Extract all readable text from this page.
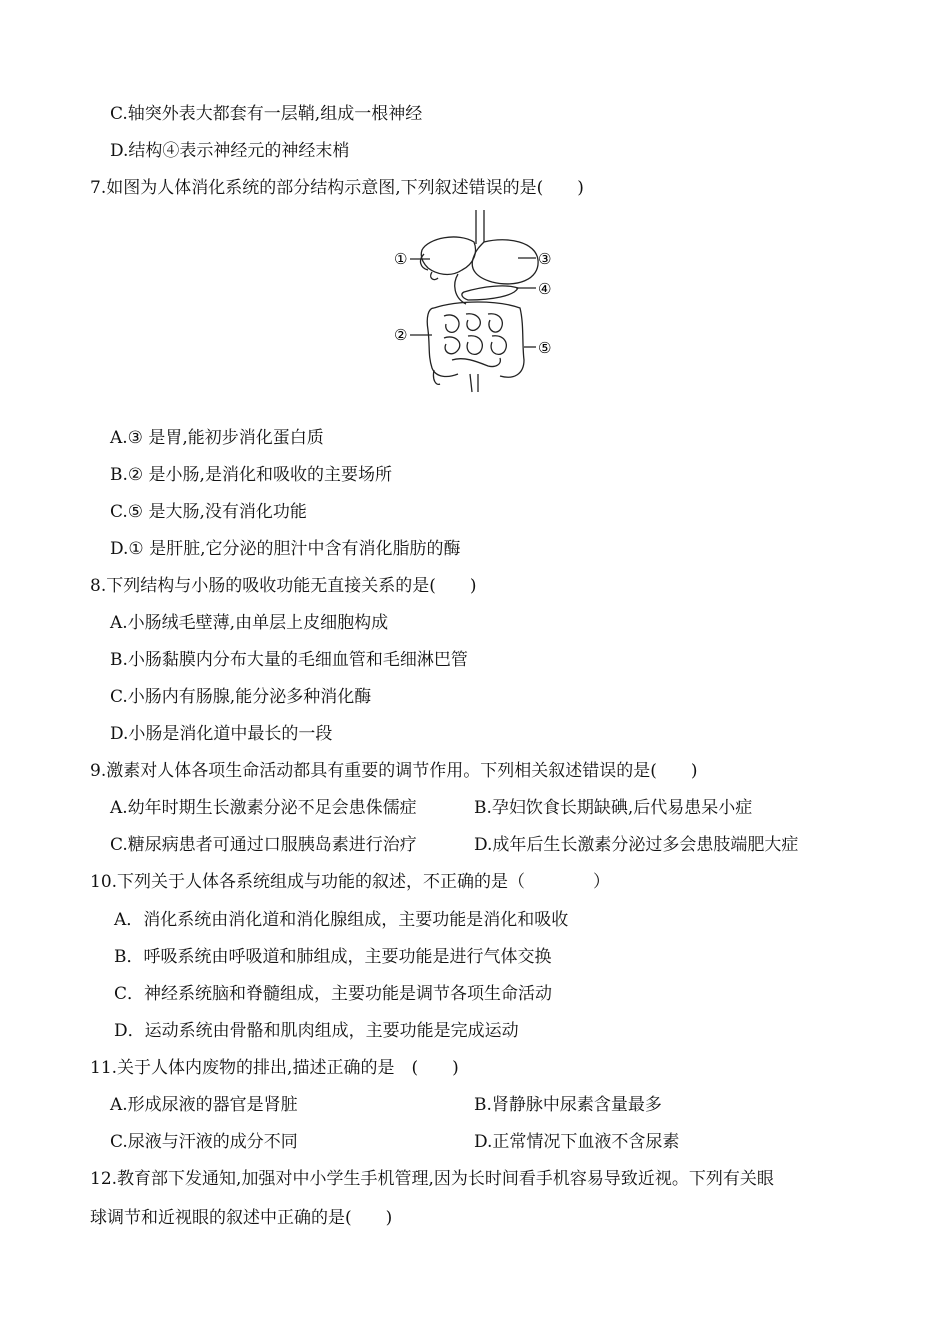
C.轴突外表大都套有一层鞘,组成一根神经
D.结构④表示神经元的神经末梢
7.如图为人体消化系统的部分结构示意图,下列叙述错误的是(　　)
①
②
③
④
⑤
A.③ 是胃,能初步消化蛋白质
B.② 是小肠,是消化和吸收的主要场所
C.⑤ 是大肠,没有消化功能
D.① 是肝脏,它分泌的胆汁中含有消化脂肪的酶
8.下列结构与小肠的吸收功能无直接关系的是(　　)
A.小肠绒毛壁薄,由单层上皮细胞构成
B.小肠黏膜内分布大量的毛细血管和毛细淋巴管
C.小肠内有肠腺,能分泌多种消化酶
D.小肠是消化道中最长的一段
9.激素对人体各项生命活动都具有重要的调节作用。下列相关叙述错误的是(　　)
A.幼年时期生长激素分泌不足会患侏儒症	B.孕妇饮食长期缺碘,后代易患呆小症
C.糖尿病患者可通过口服胰岛素进行治疗	D.成年后生长激素分泌过多会患肢端肥大症
10.下列关于人体各系统组成与功能的叙述，不正确的是（　　　　）
A．消化系统由消化道和消化腺组成，主要功能是消化和吸收
B．呼吸系统由呼吸道和肺组成，主要功能是进行气体交换
C．神经系统脑和脊髓组成，主要功能是调节各项生命活动
D．运动系统由骨骼和肌肉组成，主要功能是完成运动
11.关于人体内废物的排出,描述正确的是　(　　)
A.形成尿液的器官是肾脏	B.肾静脉中尿素含量最多
C.尿液与汗液的成分不同	D.正常情况下血液不含尿素
12.教育部下发通知,加强对中小学生手机管理,因为长时间看手机容易导致近视。下列有关眼
球调节和近视眼的叙述中正确的是(　　)
